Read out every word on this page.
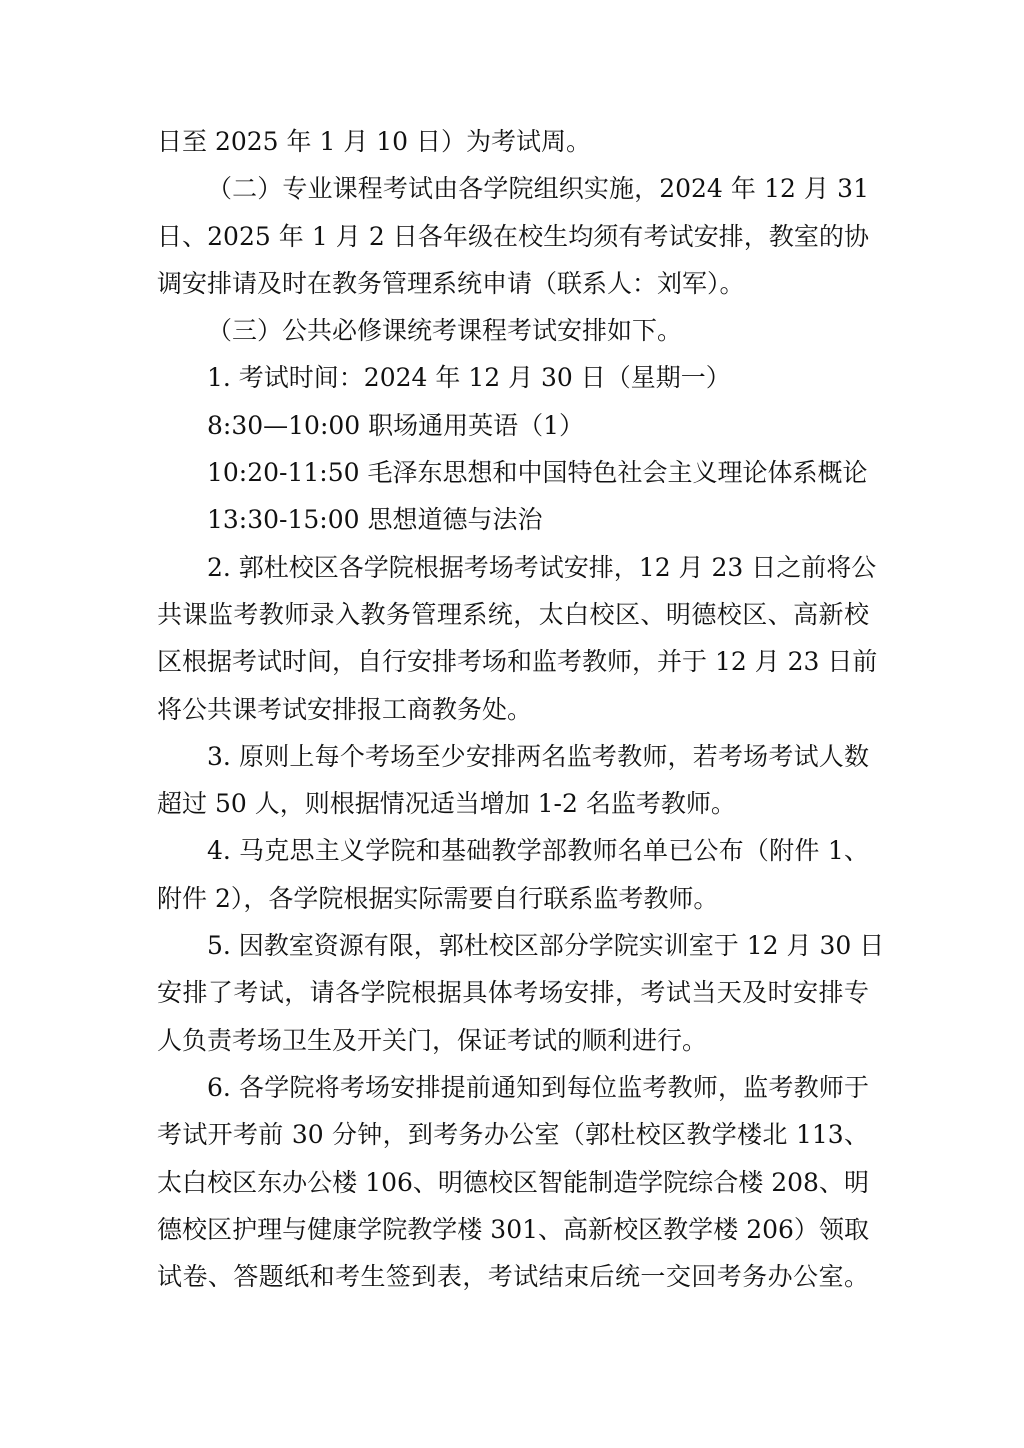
日至 2025 年 1 月 10 日）为考试周。
（二）专业课程考试由各学院组织实施，2024 年 12 月 31
日、2025 年 1 月 2 日各年级在校生均须有考试安排，教室的协
调安排请及时在教务管理系统申请（联系人：刘军）。
（三）公共必修课统考课程考试安排如下。
1. 考试时间：2024 年 12 月 30 日（星期一）
8:30—10:00 职场通用英语（1）
10:20-11:50 毛泽东思想和中国特色社会主义理论体系概论
13:30-15:00 思想道德与法治
2. 郭杜校区各学院根据考场考试安排，12 月 23 日之前将公
共课监考教师录入教务管理系统，太白校区、明德校区、高新校
区根据考试时间，自行安排考场和监考教师，并于 12 月 23 日前
将公共课考试安排报工商教务处。
3. 原则上每个考场至少安排两名监考教师，若考场考试人数
超过 50 人，则根据情况适当增加 1-2 名监考教师。
4. 马克思主义学院和基础教学部教师名单已公布（附件 1、
附件 2），各学院根据实际需要自行联系监考教师。
5. 因教室资源有限，郭杜校区部分学院实训室于 12 月 30 日
安排了考试，请各学院根据具体考场安排，考试当天及时安排专
人负责考场卫生及开关门，保证考试的顺利进行。
6. 各学院将考场安排提前通知到每位监考教师，监考教师于
考试开考前 30 分钟，到考务办公室（郭杜校区教学楼北 113、
太白校区东办公楼 106、明德校区智能制造学院综合楼 208、明
德校区护理与健康学院教学楼 301、高新校区教学楼 206）领取
试卷、答题纸和考生签到表，考试结束后统一交回考务办公室。
